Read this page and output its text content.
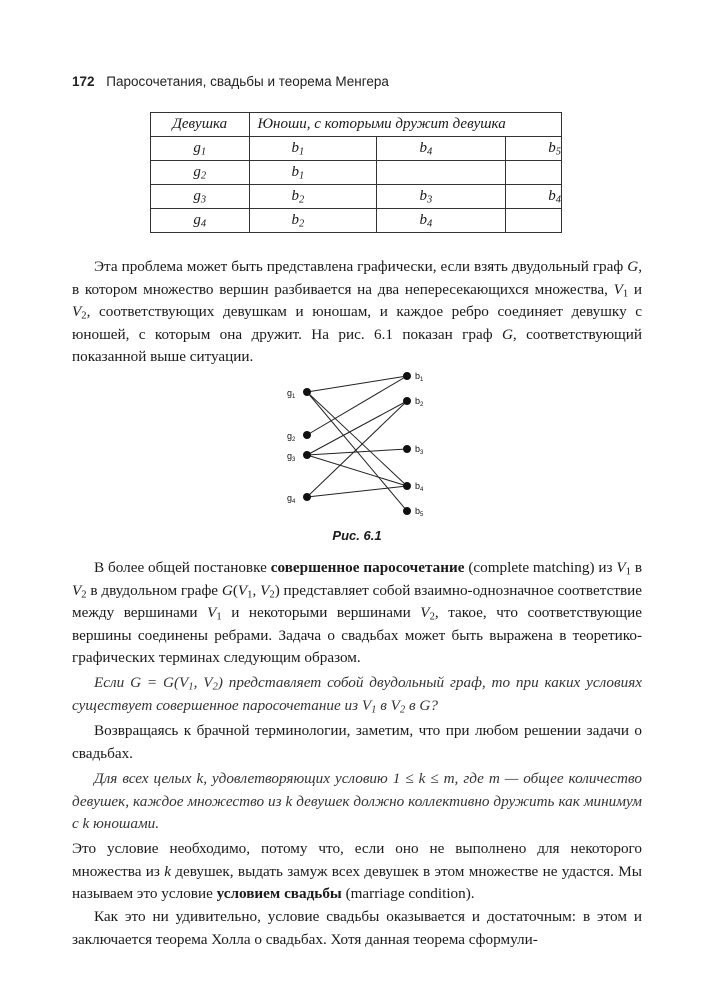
172 Паросочетания, свадьбы и теорема Менгера
Девушка	Юноши, с которыми дружит девушка		
$g_1$	$b_1$	$b_4$	$b_5$
$g_2$	$b_1$		
$g_3$	$b_2$	$b_3$	$b_4$
$g_4$	$b_2$	$b_4$	

Эта проблема может быть представлена графически, если взять двудольный граф G, в котором множество вершин разбивается на два непересекающихся множества, $V_1$ и $V_2$, соответствующих девушкам и юношам, и каждое ребро соединяет девушку с юношей, с которым она дружит. На рис. 6.1 показан граф G, соответствующий показанной выше ситуации.

$g_1$
$g_2$
$g_3$
$g_4$
$b_1$
$b_2$
$b_3$
$b_4$
$b_5$
Рис. 6.1

В более общей постановке совершенное паросочетание (complete matching) из $V_1$ в $V_2$ в двудольном графе $G(V_1$, $V_2$) представляет собой взаимно-однозначное соответствие между вершинами $V_1$ и некоторыми вершинами $V_2$, такое, что соответствующие вершины соединены ребрами. Задача о свадьбах может быть выражена в теоретико-графических терминах следующим образом.

Если $G = G(V_1$, $V_2$) представляет собой двудольный граф, то при каких условиях существует совершенное паросочетание из $V_1$ в $V_2$ в G?

Возвращаясь к брачной терминологии, заметим, что при любом решении задачи о свадьбах.

Для всех целых k, удовлетворяющих условию 1 ≤ k ≤ m, где m — общее количество девушек, каждое множество из k девушек должно коллективно дружить как минимум с k юношами.

Это условие необходимо, потому что, если оно не выполнено для некоторого множества из k девушек, выдать замуж всех девушек в этом множестве не удастся. Мы называем это условие условием свадьбы (marriage condition).

Как это ни удивительно, условие свадьбы оказывается и достаточным: в этом и заключается теорема Холла о свадьбах. Хотя данная теорема сформули-
